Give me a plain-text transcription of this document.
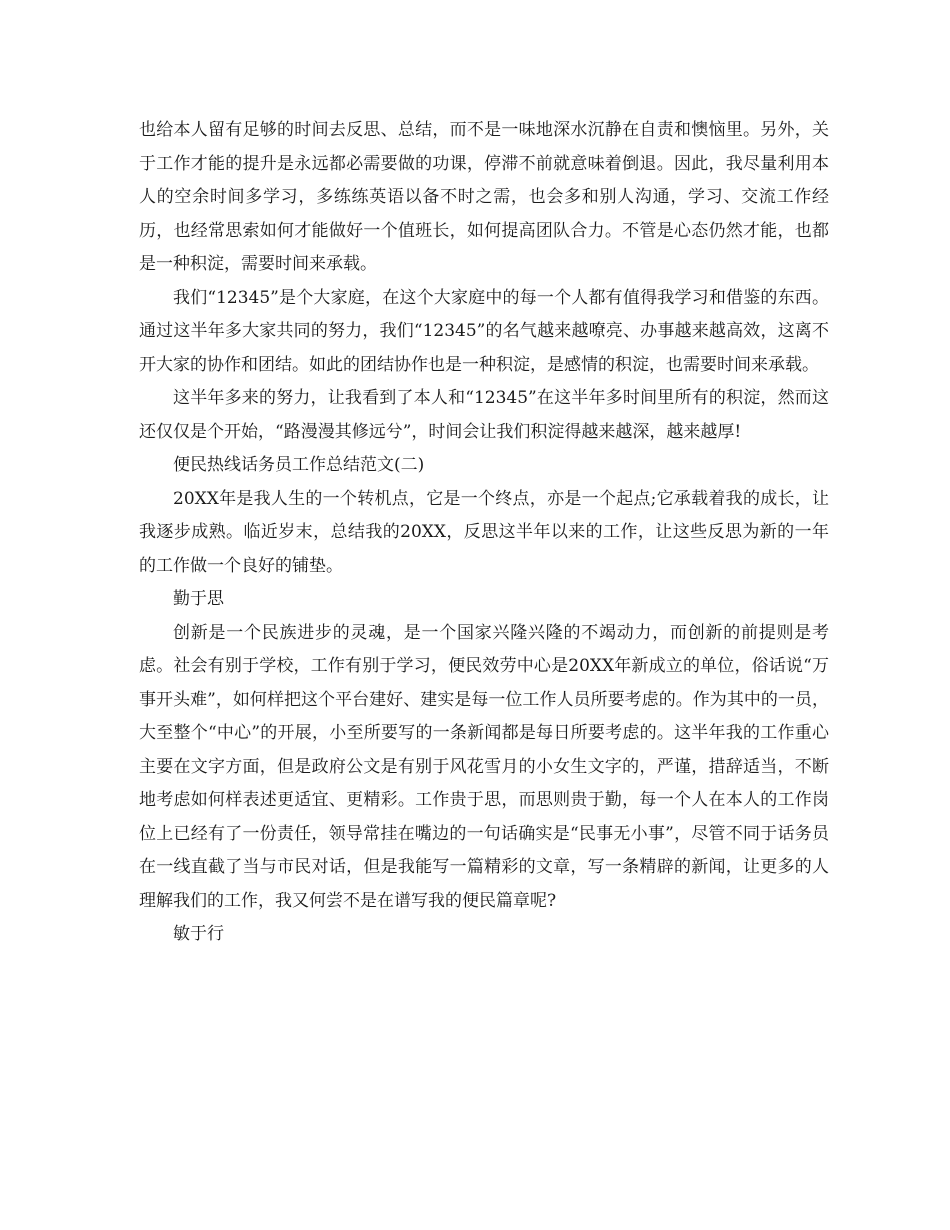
也给本人留有足够的时间去反思、总结，而不是一味地深水沉静在自责和懊恼里。另外，关于工作才能的提升是永远都必需要做的功课，停滞不前就意味着倒退。因此，我尽量利用本人的空余时间多学习，多练练英语以备不时之需，也会多和别人沟通，学习、交流工作经历，也经常思索如何才能做好一个值班长，如何提高团队合力。不管是心态仍然才能，也都是一种积淀，需要时间来承载。

我们“12345”是个大家庭，在这个大家庭中的每一个人都有值得我学习和借鉴的东西。通过这半年多大家共同的努力，我们“12345”的名气越来越嘹亮、办事越来越高效，这离不开大家的协作和团结。如此的团结协作也是一种积淀，是感情的积淀，也需要时间来承载。

这半年多来的努力，让我看到了本人和“12345”在这半年多时间里所有的积淀，然而这还仅仅是个开始，“路漫漫其修远兮”，时间会让我们积淀得越来越深，越来越厚!

便民热线话务员工作总结范文(二)

20XX年是我人生的一个转机点，它是一个终点，亦是一个起点;它承载着我的成长，让我逐步成熟。临近岁末，总结我的20XX，反思这半年以来的工作，让这些反思为新的一年的工作做一个良好的铺垫。

勤于思

创新是一个民族进步的灵魂，是一个国家兴隆兴隆的不竭动力，而创新的前提则是考虑。社会有别于学校，工作有别于学习，便民效劳中心是20XX年新成立的单位，俗话说“万事开头难”，如何样把这个平台建好、建实是每一位工作人员所要考虑的。作为其中的一员，大至整个“中心”的开展，小至所要写的一条新闻都是每日所要考虑的。这半年我的工作重心主要在文字方面，但是政府公文是有别于风花雪月的小女生文字的，严谨，措辞适当，不断地考虑如何样表述更适宜、更精彩。工作贵于思，而思则贵于勤，每一个人在本人的工作岗位上已经有了一份责任，领导常挂在嘴边的一句话确实是“民事无小事”，尽管不同于话务员在一线直截了当与市民对话，但是我能写一篇精彩的文章，写一条精辟的新闻，让更多的人理解我们的工作，我又何尝不是在谱写我的便民篇章呢?

敏于行
